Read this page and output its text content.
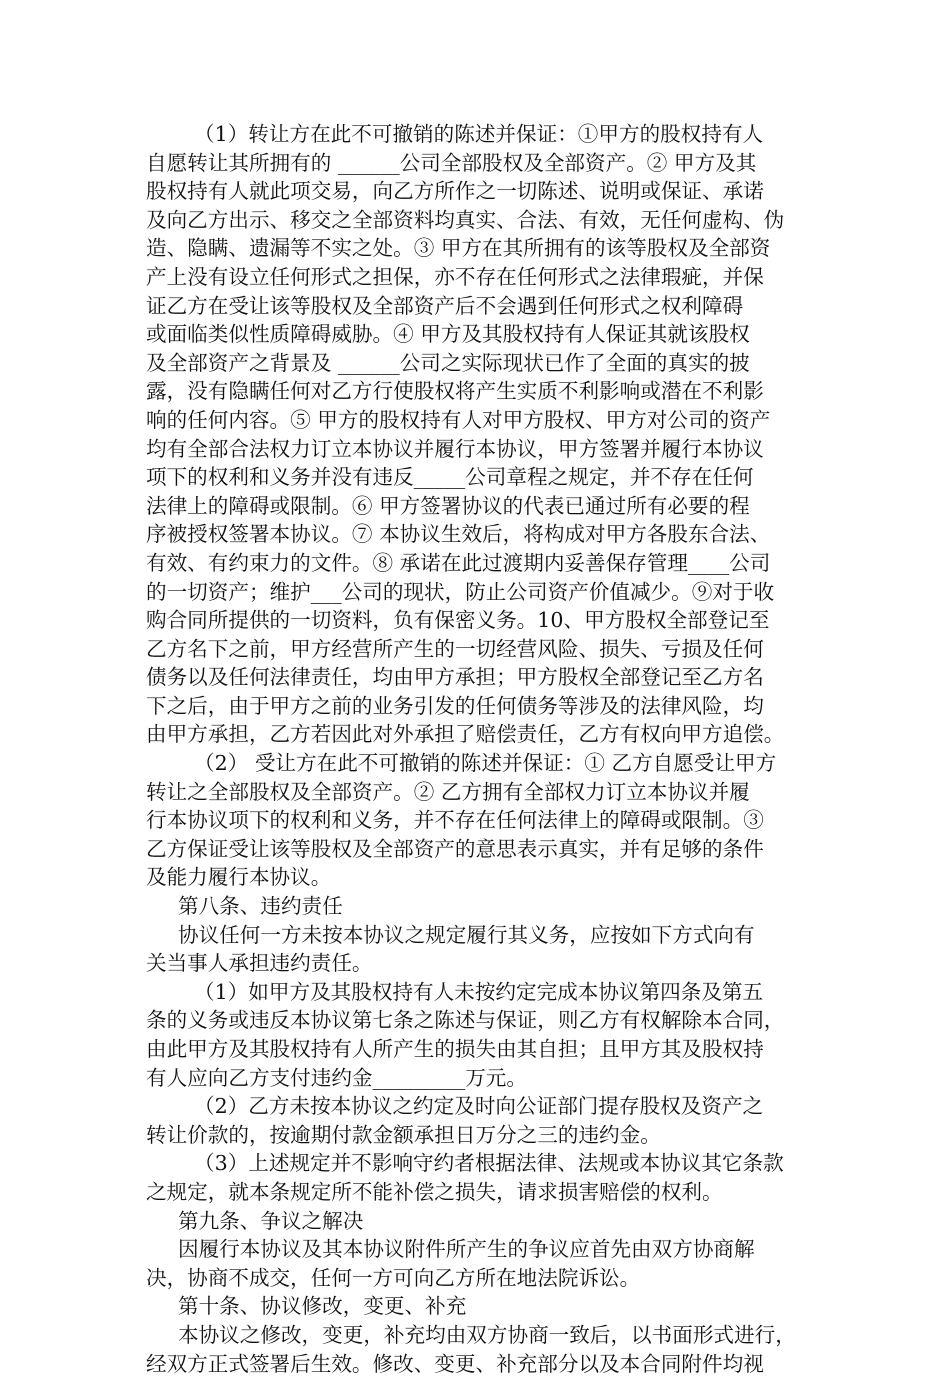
（1）转让方在此不可撤销的陈述并保证：①甲方的股权持有人
自愿转让其所拥有的 ______公司全部股权及全部资产。② 甲方及其
股权持有人就此项交易，向乙方所作之一切陈述、说明或保证、承诺
及向乙方出示、移交之全部资料均真实、合法、有效，无任何虚构、伪
造、隐瞒、遗漏等不实之处。③ 甲方在其所拥有的该等股权及全部资
产上没有设立任何形式之担保，亦不存在任何形式之法律瑕疵，并保
证乙方在受让该等股权及全部资产后不会遇到任何形式之权利障碍
或面临类似性质障碍威胁。④ 甲方及其股权持有人保证其就该股权
及全部资产之背景及 ______公司之实际现状已作了全面的真实的披
露，没有隐瞒任何对乙方行使股权将产生实质不利影响或潜在不利影
响的任何内容。⑤ 甲方的股权持有人对甲方股权、甲方对公司的资产
均有全部合法权力订立本协议并履行本协议，甲方签署并履行本协议
项下的权利和义务并没有违反_____公司章程之规定，并不存在任何
法律上的障碍或限制。⑥ 甲方签署协议的代表已通过所有必要的程
序被授权签署本协议。⑦ 本协议生效后，将构成对甲方各股东合法、
有效、有约束力的文件。⑧ 承诺在此过渡期内妥善保存管理____公司
的一切资产；维护___公司的现状，防止公司资产价值减少。⑨对于收
购合同所提供的一切资料，负有保密义务。10、甲方股权全部登记至
乙方名下之前，甲方经营所产生的一切经营风险、损失、亏损及任何
债务以及任何法律责任，均由甲方承担；甲方股权全部登记至乙方名
下之后，由于甲方之前的业务引发的任何债务等涉及的法律风险，均
由甲方承担，乙方若因此对外承担了赔偿责任，乙方有权向甲方追偿。
（2） 受让方在此不可撤销的陈述并保证：① 乙方自愿受让甲方
转让之全部股权及全部资产。② 乙方拥有全部权力订立本协议并履
行本协议项下的权利和义务，并不存在任何法律上的障碍或限制。③
乙方保证受让该等股权及全部资产的意思表示真实，并有足够的条件
及能力履行本协议。
第八条、违约责任
协议任何一方未按本协议之规定履行其义务，应按如下方式向有
关当事人承担违约责任。
（1）如甲方及其股权持有人未按约定完成本协议第四条及第五
条的义务或违反本协议第七条之陈述与保证，则乙方有权解除本合同，
由此甲方及其股权持有人所产生的损失由其自担；且甲方其及股权持
有人应向乙方支付违约金_________万元。
（2）乙方未按本协议之约定及时向公证部门提存股权及资产之
转让价款的，按逾期付款金额承担日万分之三的违约金。
（3）上述规定并不影响守约者根据法律、法规或本协议其它条款
之规定，就本条规定所不能补偿之损失，请求损害赔偿的权利。
第九条、争议之解决
因履行本协议及其本协议附件所产生的争议应首先由双方协商解
决，协商不成交，任何一方可向乙方所在地法院诉讼。
第十条、协议修改，变更、补充
本协议之修改，变更，补充均由双方协商一致后，以书面形式进行，
经双方正式签署后生效。修改、变更、补充部分以及本合同附件均视
